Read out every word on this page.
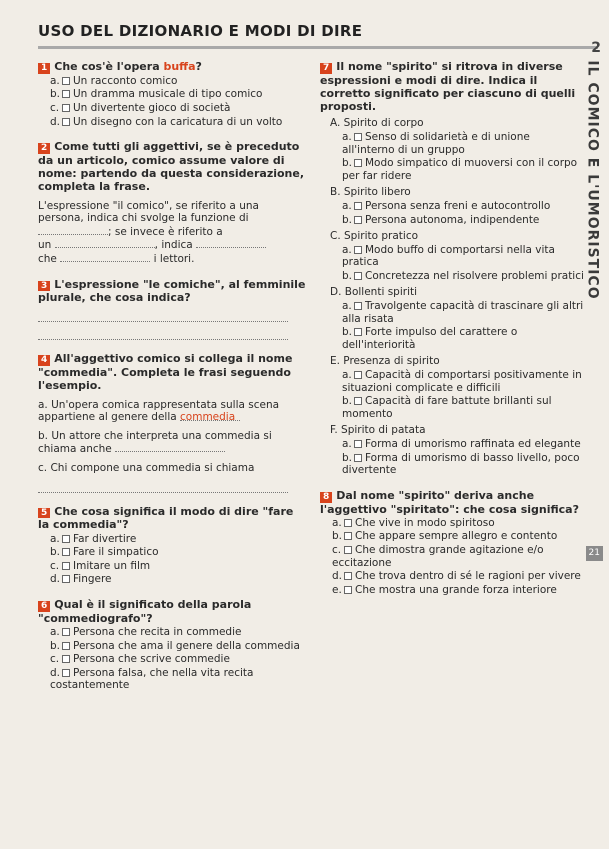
USO DEL DIZIONARIO E MODI DI DIRE
2
IL COMICO E L'UMORISTICO
21
1 Che cos'è l'opera buffa?
a. Un racconto comico
b. Un dramma musicale di tipo comico
c. Un divertente gioco di società
d. Un disegno con la caricatura di un volto
2 Come tutti gli aggettivi, se è preceduto da un articolo, comico assume valore di nome: partendo da questa considerazione, completa la frase.
L'espressione "il comico", se riferito a una persona, indica chi svolge la funzione di ; se invece è riferito a
un	, indica
che	i lettori.
3 L'espressione "le comiche", al femminile plurale, che cosa indica?
4 All'aggettivo comico si collega il nome "commedia". Completa le frasi seguendo l'esempio.
a. Un'opera comica rappresentata sulla scena appartiene al genere della commedia
b. Un attore che interpreta una commedia si chiama anche
c. Chi compone una commedia si chiama
5 Che cosa significa il modo di dire "fare la commedia"?
a. Far divertire
b. Fare il simpatico
c. Imitare un film
d. Fingere
6 Qual è il significato della parola "commediografo"?
a. Persona che recita in commedie
b. Persona che ama il genere della commedia
c. Persona che scrive commedie
d. Persona falsa, che nella vita recita costantemente
7 Il nome "spirito" si ritrova in diverse espressioni e modi di dire. Indica il corretto significato per ciascuno di quelli proposti.
A. Spirito di corpo
a. Senso di solidarietà e di unione all'interno di un gruppo
b. Modo simpatico di muoversi con il corpo per far ridere
B. Spirito libero
a. Persona senza freni e autocontrollo
b. Persona autonoma, indipendente
C. Spirito pratico
a. Modo buffo di comportarsi nella vita pratica
b. Concretezza nel risolvere problemi pratici
D. Bollenti spiriti
a. Travolgente capacità di trascinare gli altri alla risata
b. Forte impulso del carattere o dell'interiorità
E. Presenza di spirito
a. Capacità di comportarsi positivamente in situazioni complicate e difficili
b. Capacità di fare battute brillanti sul momento
F. Spirito di patata
a. Forma di umorismo raffinata ed elegante
b. Forma di umorismo di basso livello, poco divertente
8 Dal nome "spirito" deriva anche l'aggettivo "spiritato": che cosa significa?
a. Che vive in modo spiritoso
b. Che appare sempre allegro e contento
c. Che dimostra grande agitazione e/o eccitazione
d. Che trova dentro di sé le ragioni per vivere
e. Che mostra una grande forza interiore
